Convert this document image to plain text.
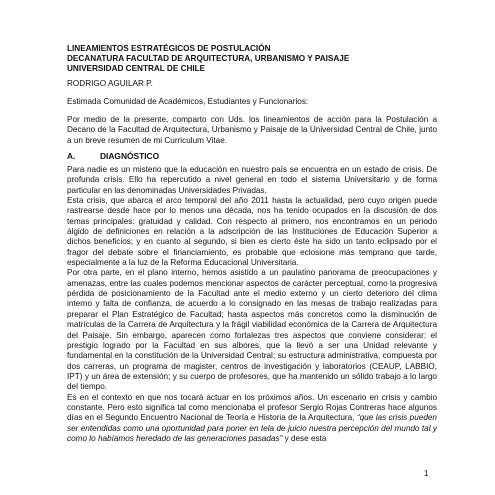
LINEAMIENTOS ESTRATÉGICOS DE POSTULACIÓN
DECANATURA FACULTAD DE ARQUITECTURA, URBANISMO Y PAISAJE
UNIVERSIDAD CENTRAL DE CHILE
RODRIGO AGUILAR P.
Estimada Comunidad de Académicos, Estudiantes y Funcionarios:
Por medio de la presente, comparto con Uds. los lineamientos de acción para la Postulación a Decano de la Facultad de Arquitectura, Urbanismo y Paisaje de la Universidad Central de Chile, junto a un breve resumen de mi Curriculum Vitae.
A.	DIAGNÓSTICO

Para nadie es un misterio que la educación en nuestro país se encuentra en un estado de crisis. De profunda crisis. Ello ha repercutido a nivel general en todo el sistema Universitario y de forma particular en las denominadas Universidades Privadas.

Esta crisis, que abarca el arco temporal del año 2011 hasta la actualidad, pero cuyo origen puede rastrearse desde hace por lo menos una década, nos ha tenido ocupados en la discusión de dos temas principales: gratuidad y calidad. Con respecto al primero, nos encontramos en un periodo álgido de definiciones en relación a la adscripción de las Instituciones de Educación Superior a dichos beneficios; y en cuanto al segundo, si bien es cierto éste ha sido un tanto eclipsado por el fragor del debate sobre el financiamiento, es probable que eclosione más temprano que tarde, especialmente a la luz de la Reforma Educacional Universitaria.

Por otra parte, en el plano interno, hemos asistido a un paulatino panorama de preocupaciones y amenazas, entre las cuales podemos mencionar aspectos de carácter perceptual, como la progresiva pérdida de posicionamiento de la Facultad ante el medio externo y un cierto deterioro del clima interno y falta de confianza, de acuerdo a lo consignado en las mesas de trabajo realizadas para preparar el Plan Estratégico de Facultad; hasta aspectos más concretos como la disminución de matrículas de la Carrera de Arquitectura y la frágil viabilidad económica de la Carrera de Arquitectura del Paisaje. Sin embargo, aparecen como fortalezas tres aspectos que conviene considerar: el prestigio logrado por la Facultad en sus albores, que la llevó a ser una Unidad relevante y fundamental en la constitución de la Universidad Central; su estructura administrativa, compuesta por dos carreras, un programa de magister, centros de investigación y laboratorios (CEAUP, LABBIO, IPT) y un área de extensión; y su cuerpo de profesores, que ha mantenido un sólido trabajo a lo largo del tiempo.

Es en el contexto en que nos tocará actuar en los próximos años. Un escenario en crisis y cambio constante. Pero esto significa tal como mencionaba el profesor Sergio Rojas Contreras hace algunos días en el Segundo Encuentro Nacional de Teoría e Historia de la Arquitectura, “que las crisis pueden ser entendidas como una oportunidad para poner en tela de juicio nuestra percepción del mundo tal y como lo habíamos heredado de las generaciones pasadas” y dese esta

1
